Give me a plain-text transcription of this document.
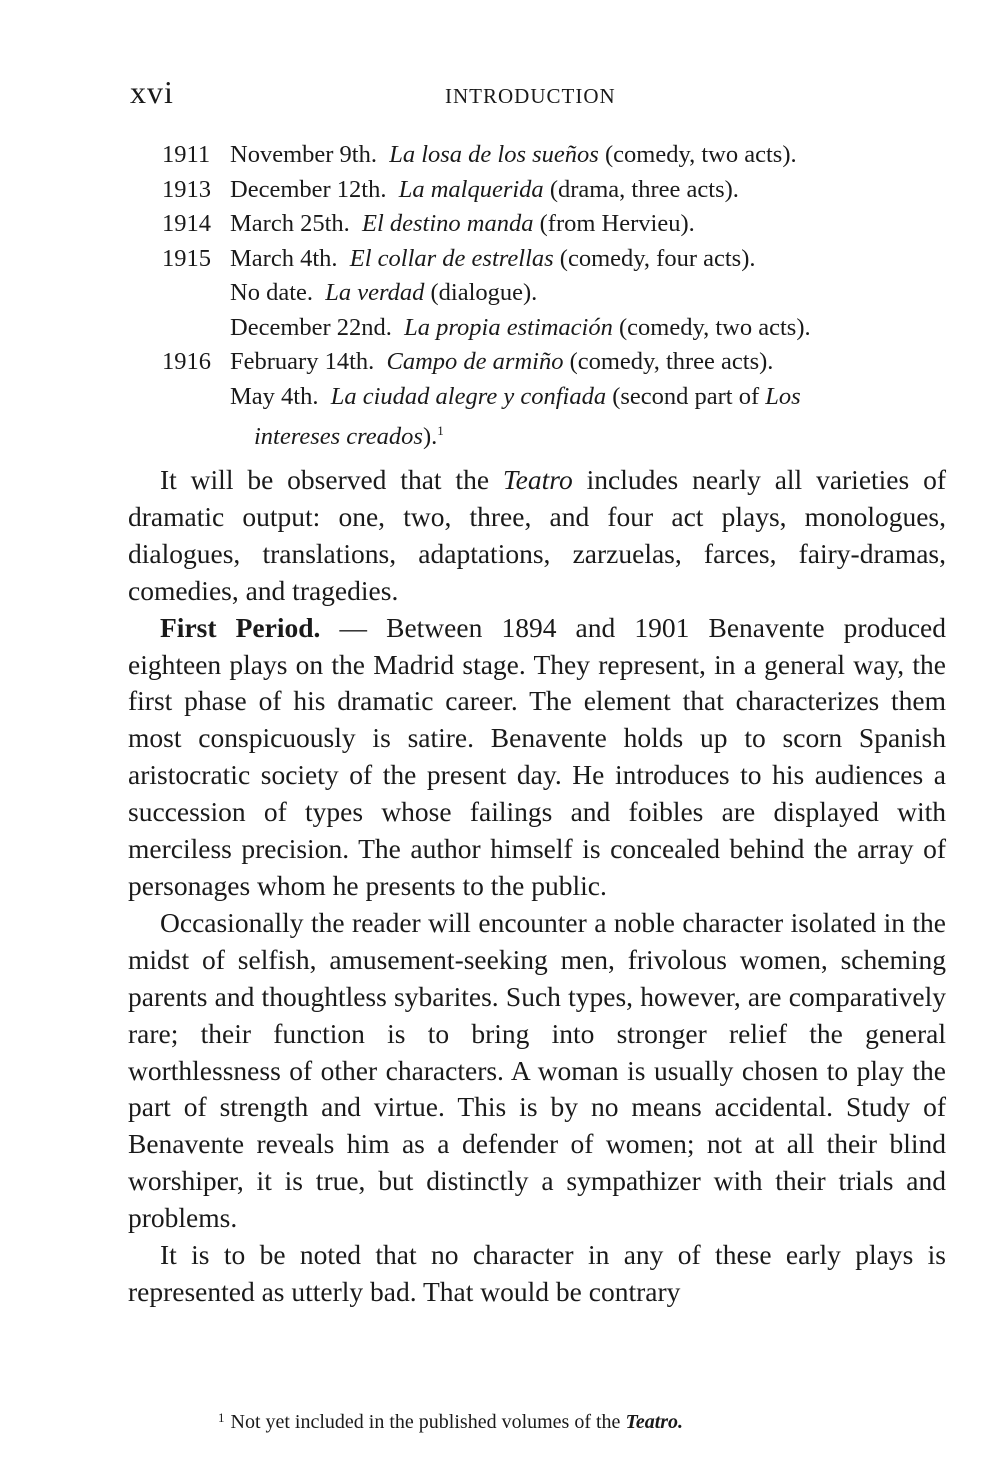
xvi	INTRODUCTION
1911 November 9th. La losa de los sueños (comedy, two acts).
1913 December 12th. La malquerida (drama, three acts).
1914 March 25th. El destino manda (from Hervieu).
1915 March 4th. El collar de estrellas (comedy, four acts).
No date. La verdad (dialogue).
December 22nd. La propia estimación (comedy, two acts).
1916 February 14th. Campo de armiño (comedy, three acts).
May 4th. La ciudad alegre y confiada (second part of Los
intereses creados).$^1$

It will be observed that the Teatro includes nearly all varieties of dramatic output: one, two, three, and four act plays, monologues, dialogues, translations, adaptations, zarzuelas, farces, fairy-dramas, comedies, and tragedies.

First Period. — Between 1894 and 1901 Benavente produced eighteen plays on the Madrid stage. They represent, in a general way, the first phase of his dramatic career. The element that characterizes them most conspicuously is satire. Benavente holds up to scorn Spanish aristocratic society of the present day. He introduces to his audiences a succession of types whose failings and foibles are displayed with merciless precision. The author himself is concealed behind the array of personages whom he presents to the public.

Occasionally the reader will encounter a noble character isolated in the midst of selfish, amusement-seeking men, frivolous women, scheming parents and thoughtless sybarites. Such types, however, are comparatively rare; their function is to bring into stronger relief the general worthlessness of other characters. A woman is usually chosen to play the part of strength and virtue. This is by no means accidental. Study of Benavente reveals him as a defender of women; not at all their blind worshiper, it is true, but distinctly a sympathizer with their trials and problems.

It is to be noted that no character in any of these early plays is represented as utterly bad. That would be contrary

$^1$ Not yet included in the published volumes of the Teatro.
